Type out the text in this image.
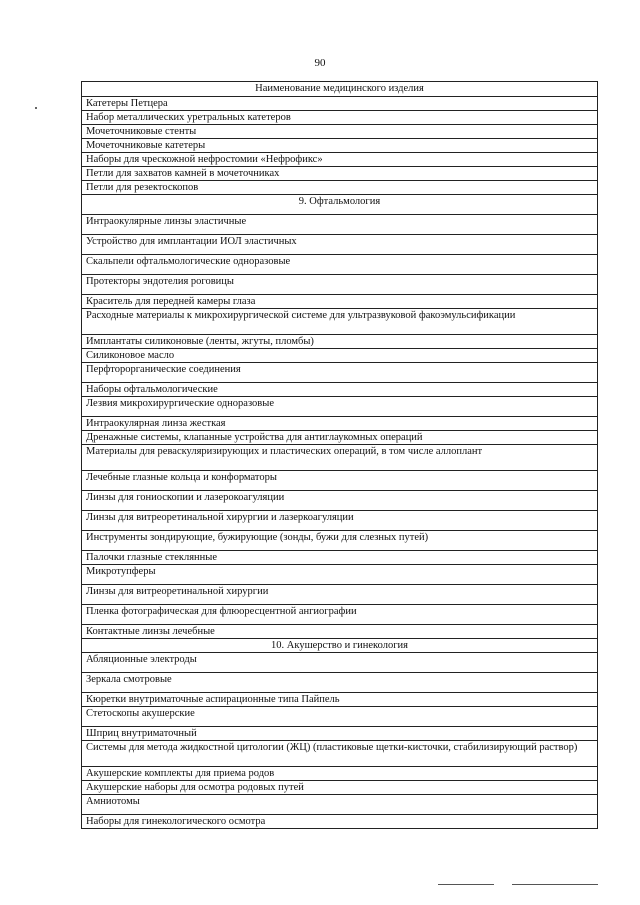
90
Наименование медицинского изделия
Катетеры Петцера
Набор металлических уретральных катетеров
Мочеточниковые стенты
Мочеточниковые катетеры
Наборы для чрескожной нефростомии «Нефрофикс»
Петли для захватов камней в мочеточниках
Петли для резектоскопов
9. Офтальмология
Интраокулярные линзы эластичные
Устройство для имплантации ИОЛ эластичных
Скальпели офтальмологические одноразовые
Протекторы эндотелия роговицы
Краситель для передней камеры глаза
Расходные материалы к микрохирургической системе для ультразвуковой факоэмульсификации
Имплантаты силиконовые (ленты, жгуты, пломбы)
Силиконовое масло
Перфторорганические соединения
Наборы офтальмологические
Лезвия микрохирургические одноразовые
Интраокулярная линза жесткая
Дренажные системы, клапанные устройства для антиглаукомных операций
Материалы для реваскуляризирующих и пластических операций, в том числе аллоплант
Лечебные глазные кольца и конформаторы
Линзы для гониоскопии и лазерокоагуляции
Линзы для витреоретинальной хирургии и лазеркоагуляции
Инструменты зондирующие, бужирующие (зонды, бужи для слезных путей)
Палочки глазные стеклянные
Микротупферы
Линзы для витреоретинальной хирургии
Пленка фотографическая для флюоресцентной ангиографии
Контактные линзы лечебные
10. Акушерство и гинекология
Абляционные электроды
Зеркала смотровые
Кюретки внутриматочные аспирационные типа Пайпель
Стетоскопы акушерские
Шприц внутриматочный
Системы для метода жидкостной цитологии (ЖЦ) (пластиковые щетки-кисточки, стабилизирующий раствор)
Акушерские комплекты для приема родов
Акушерские наборы для осмотра родовых путей
Амниотомы
Наборы для гинекологического осмотра
